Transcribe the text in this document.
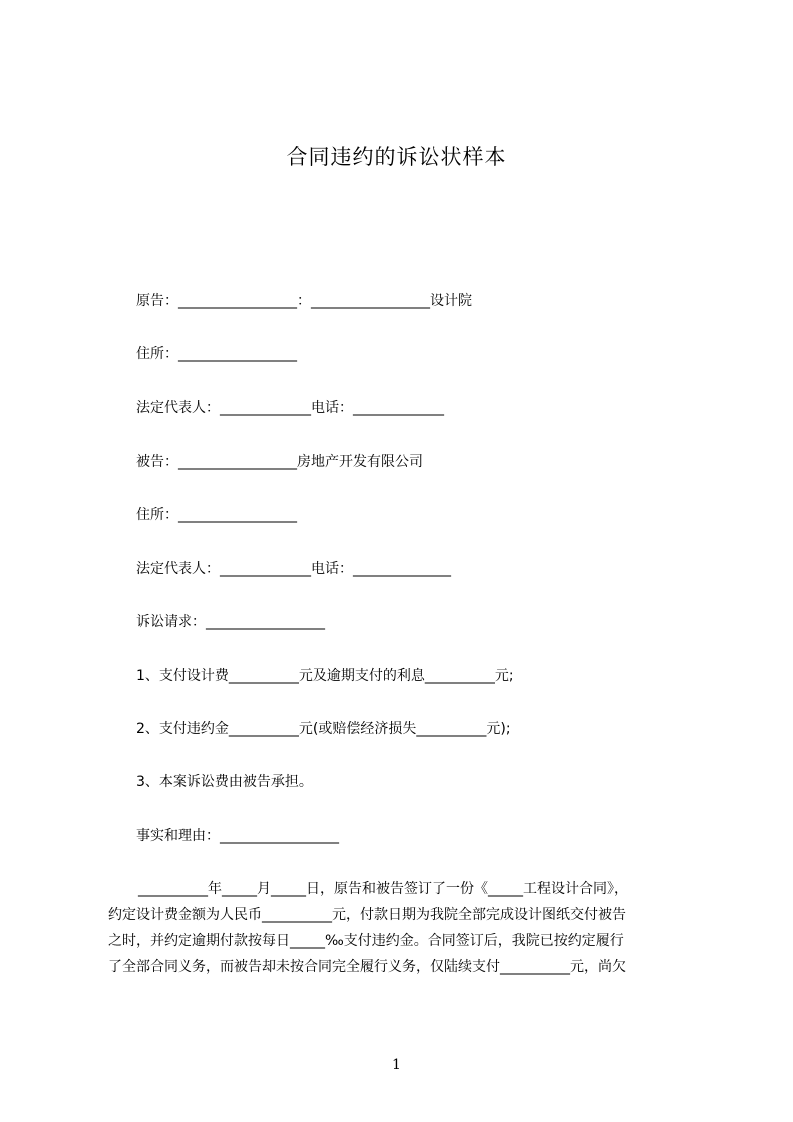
合同违约的诉讼状样本
原告：_________________：_________________设计院
住所：_________________
法定代表人：_____________电话：_____________
被告：_________________房地产开发有限公司
住所：_________________
法定代表人：_____________电话：______________
诉讼请求：_________________
1、支付设计费__________元及逾期支付的利息__________元;
2、支付违约金__________元(或赔偿经济损失__________元);
3、本案诉讼费由被告承担。
事实和理由：_________________
__________年_____月_____日，原告和被告签订了一份《_____工程设计合同》，
约定设计费金额为人民币__________元，付款日期为我院全部完成设计图纸交付被告
之时，并约定逾期付款按每日_____‰支付违约金。合同签订后，我院已按约定履行
了全部合同义务，而被告却未按合同完全履行义务，仅陆续支付__________元，尚欠
1
